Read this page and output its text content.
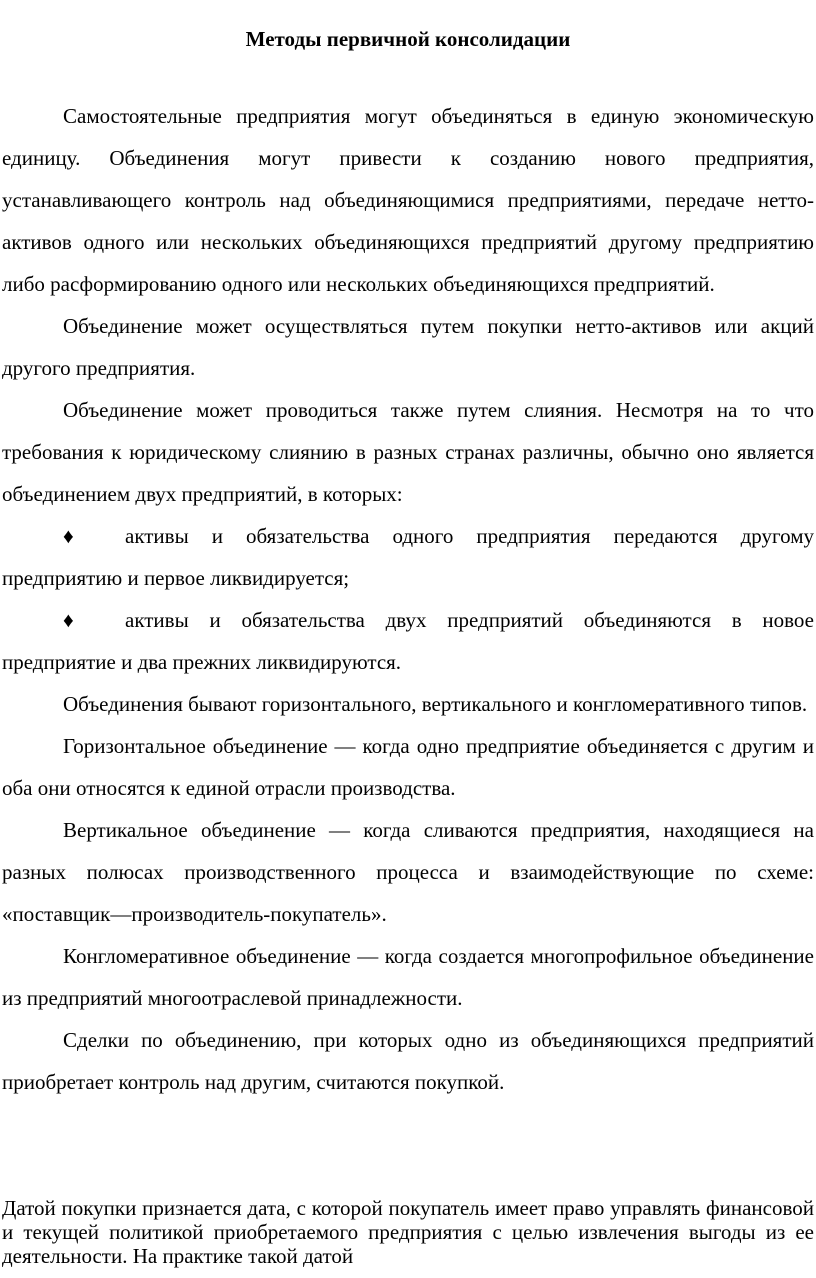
Методы первичной консолидации

Самостоятельные предприятия могут объединяться в единую экономическую единицу. Объединения могут привести к созданию нового предприятия, устанавливающего контроль над объединяющимися предприятиями, передаче нетто-активов одного или нескольких объединяющихся предприятий другому предприятию либо расформированию одного или нескольких объединяющихся предприятий.

Объединение может осуществляться путем покупки нетто-активов или акций другого предприятия.

Объединение может проводиться также путем слияния. Несмотря на то что требования к юридическому слиянию в разных странах различны, обычно оно является объединением двух предприятий, в которых:

♦ активы и обязательства одного предприятия передаются другому предприятию и первое ликвидируется;

♦ активы и обязательства двух предприятий объединяются в новое предприятие и два прежних ликвидируются.

Объединения бывают горизонтального, вертикального и конгломеративного типов.

Горизонтальное объединение — когда одно предприятие объединяется с другим и оба они относятся к единой отрасли производства.

Вертикальное объединение — когда сливаются предприятия, находящиеся на разных полюсах производственного процесса и взаимодействующие по схеме: «поставщик—производитель-покупатель».

Конгломеративное объединение — когда создается многопрофильное объединение из предприятий многоотраслевой принадлежности.

Сделки по объединению, при которых одно из объединяющихся предприятий приобретает контроль над другим, считаются покупкой.

Датой покупки признается дата, с которой покупатель имеет право управлять финансовой и текущей политикой приобретаемого предприятия с целью извлечения выгоды из ее деятельности. На практике такой датой
